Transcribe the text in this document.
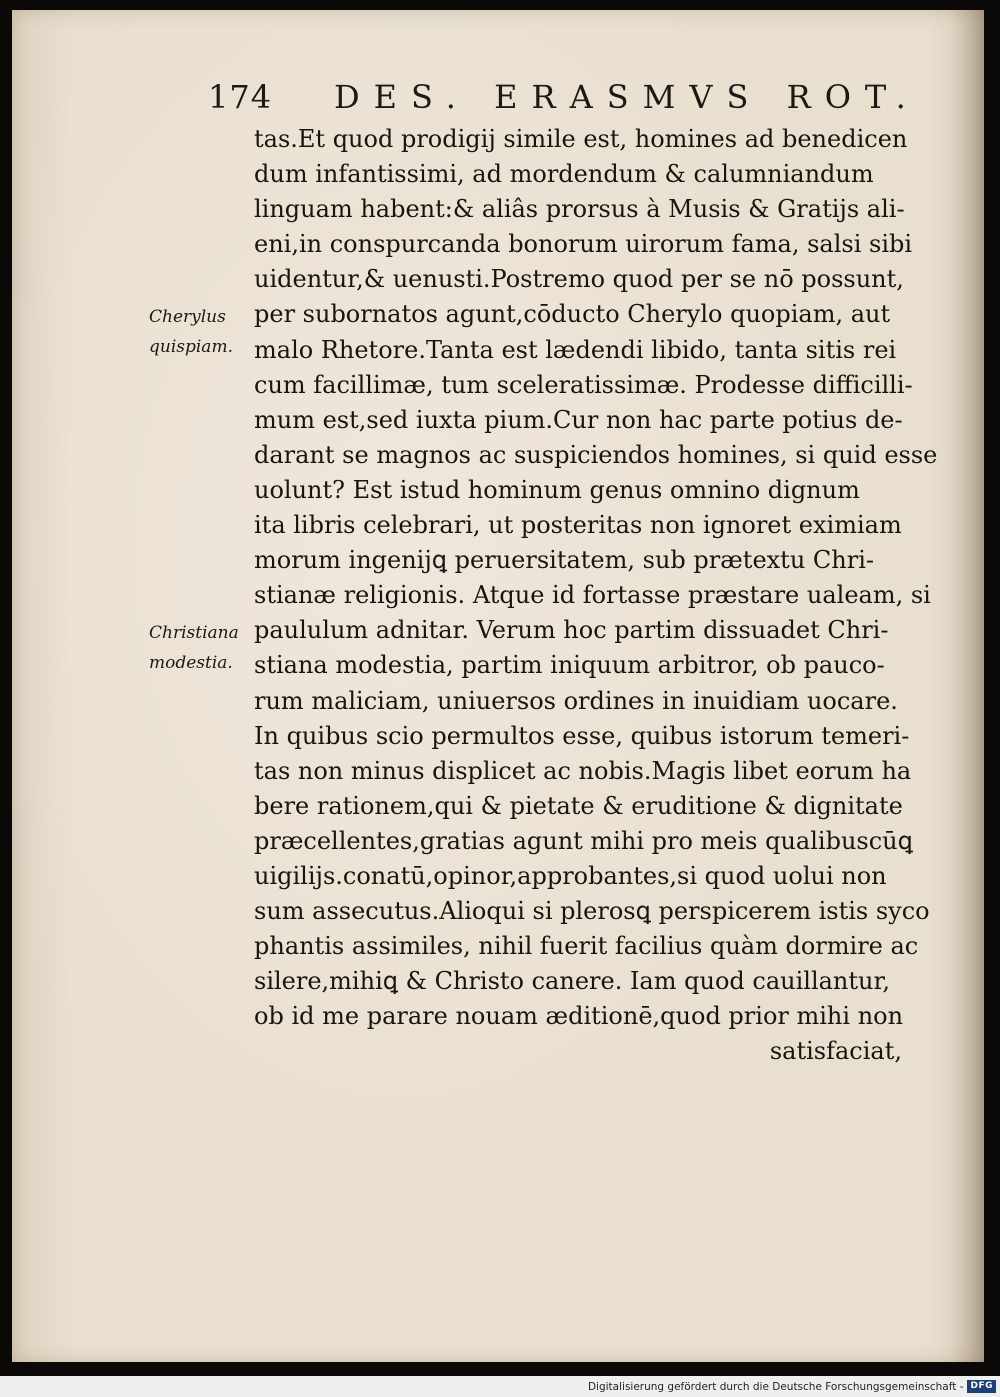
174 DES. ERASMVS ROT.
Cherylus
quispiam.
Christiana
modestia.
tas.Et quod prodigij simile est, homines ad benedicen
dum infantissimi, ad mordendum & calumniandum
linguam habent:& aliâs prorsus à Musis & Gratijs ali-
eni,in conspurcanda bonorum uirorum fama, salsi sibi
uidentur,& uenusti.Postremo quod per se nō possunt,
per subornatos agunt,cōducto Cherylo quopiam, aut
malo Rhetore.Tanta est lædendi libido, tanta sitis rei
cum facillimæ, tum sceleratissimæ. Prodesse difficilli-
mum est,sed iuxta pium.Cur non hac parte potius de-
darant se magnos ac suspiciendos homines, si quid esse
uolunt? Est istud hominum genus omnino dignum
ita libris celebrari, ut posteritas non ignoret eximiam
morum ingenijꝗ peruersitatem, sub prætextu Chri-
stianæ religionis. Atque id fortasse præstare ualeam, si
paululum adnitar. Verum hoc partim dissuadet Chri-
stiana modestia, partim iniquum arbitror, ob pauco-
rum maliciam, uniuersos ordines in inuidiam uocare.
In quibus scio permultos esse, quibus istorum temeri-
tas non minus displicet ac nobis.Magis libet eorum ha
bere rationem,qui & pietate & eruditione & dignitate
præcellentes,gratias agunt mihi pro meis qualibuscūꝗ
uigilijs.conatū,opinor,approbantes,si quod uolui non
sum assecutus.Alioqui si plerosꝗ perspicerem istis syco
phantis assimiles, nihil fuerit facilius quàm dormire ac
silere,mihiꝗ & Christo canere. Iam quod cauillantur,
ob id me parare nouam æditionē,quod prior mihi non
satisfaciat,
Digitalisierung gefördert durch die Deutsche Forschungsgemeinschaft - DFG
